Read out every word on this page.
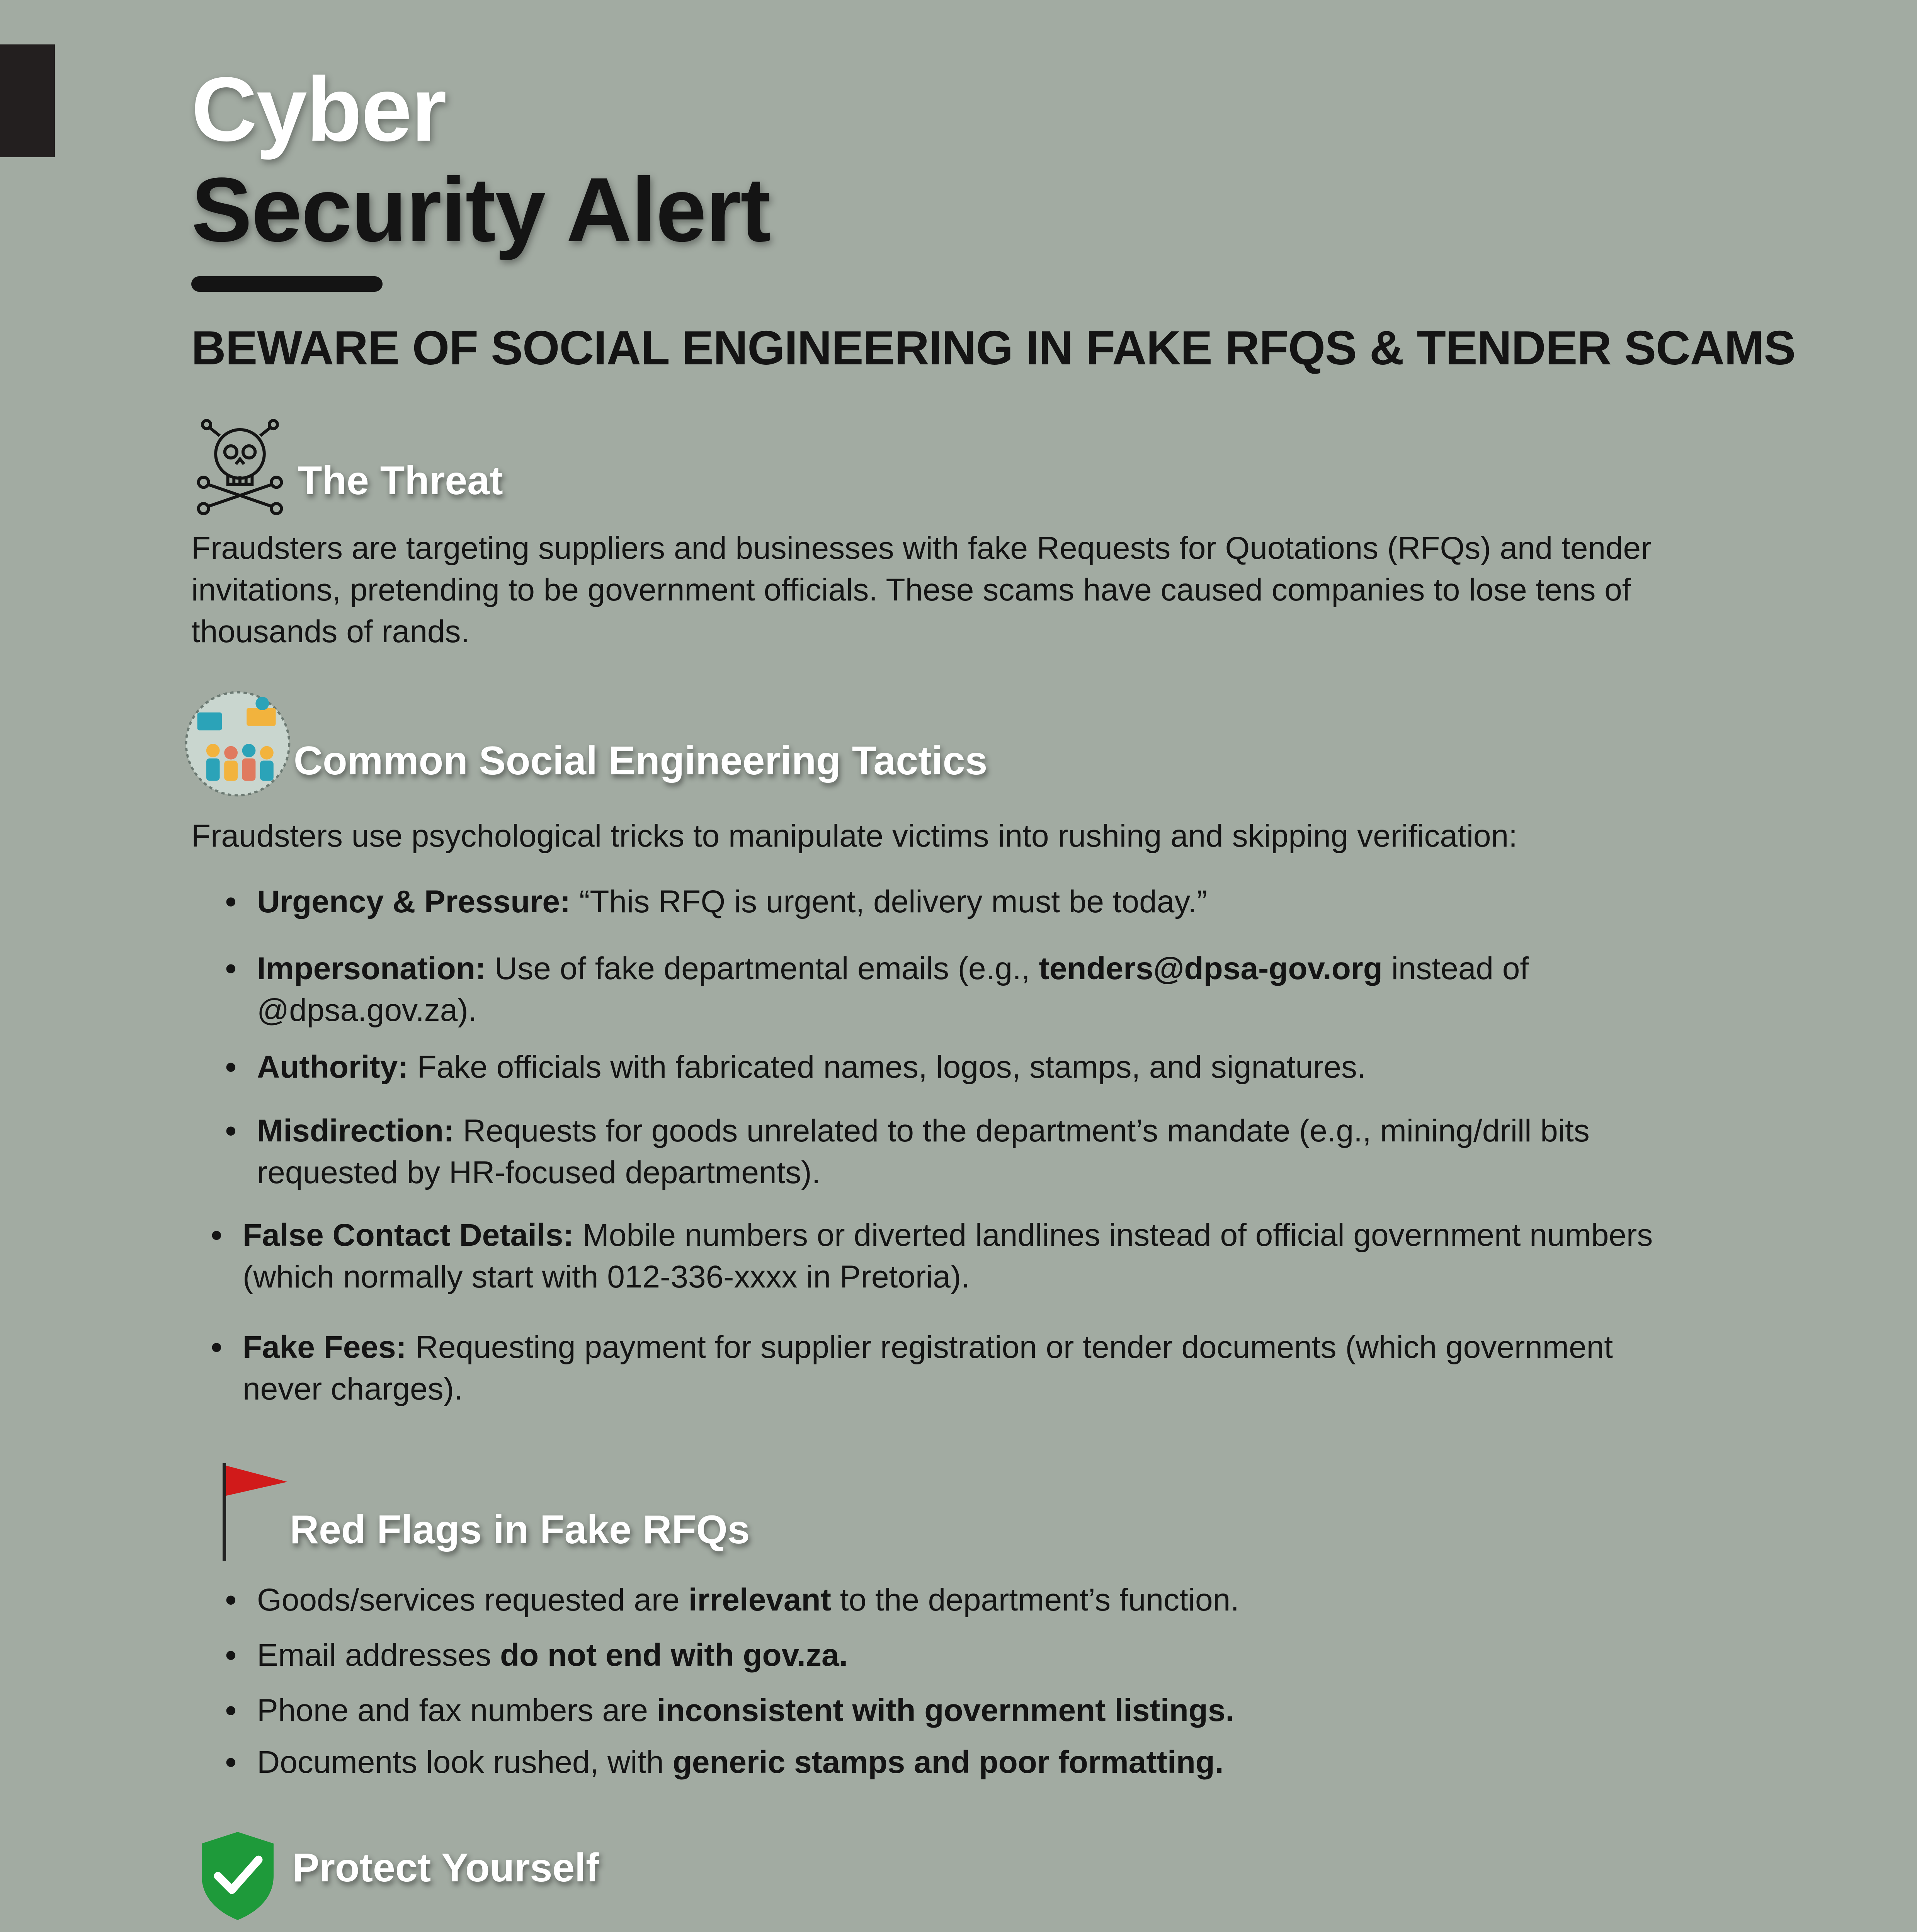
Cyber
Security Alert
BEWARE OF SOCIAL ENGINEERING IN FAKE RFQS & TENDER SCAMS
The Threat
Fraudsters are targeting suppliers and businesses with fake Requests for Quotations (RFQs) and tender
invitations, pretending to be government officials. These scams have caused companies to lose tens of
thousands of rands.
Common Social Engineering Tactics
Fraudsters use psychological tricks to manipulate victims into rushing and skipping verification:
• Urgency & Pressure: “This RFQ is urgent, delivery must be today.”
• Impersonation: Use of fake departmental emails (e.g., tenders@dpsa-gov.org instead of
@dpsa.gov.za).
• Authority: Fake officials with fabricated names, logos, stamps, and signatures.
• Misdirection: Requests for goods unrelated to the department’s mandate (e.g., mining/drill bits
requested by HR-focused departments).
• False Contact Details: Mobile numbers or diverted landlines instead of official government numbers
(which normally start with 012-336-xxxx in Pretoria).
• Fake Fees: Requesting payment for supplier registration or tender documents (which government
never charges).
Red Flags in Fake RFQs
• Goods/services requested are irrelevant to the department’s function.
• Email addresses do not end with gov.za.
• Phone and fax numbers are inconsistent with government listings.
• Documents look rushed, with generic stamps and poor formatting.
Protect Yourself
